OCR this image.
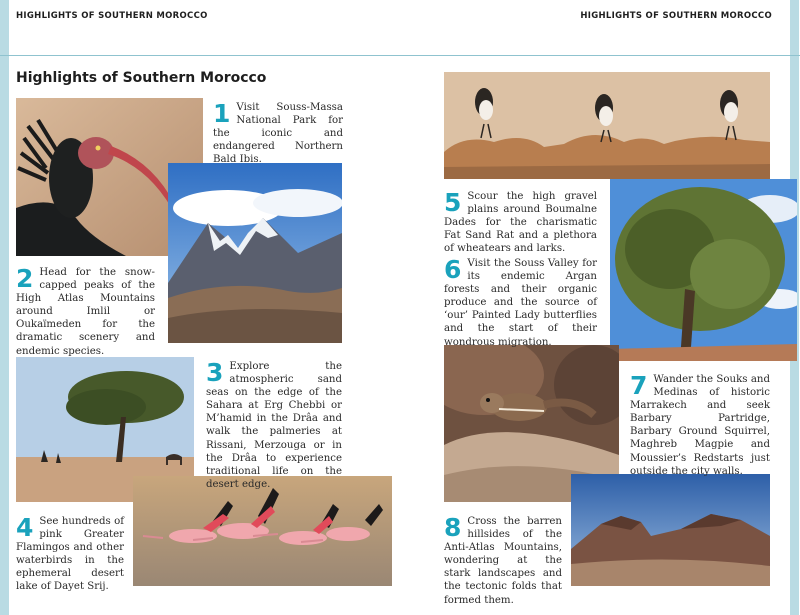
HIGHLIGHTS OF SOUTHERN MOROCCO	HIGHLIGHTS OF SOUTHERN MOROCCO
Highlights of Southern Morocco
1 Visit Souss-Massa National Park for the iconic and endangered Northern Bald Ibis.
2 Head for the snow-capped peaks of the High Atlas Mountains around Imlil or Oukaïmeden for the dramatic scenery and endemic species.
3 Explore the atmospheric sand seas on the edge of the Sahara at Erg Chebbi or M’hamid in the Drâa and walk the palmeries at Rissani, Merzouga or in the Drâa to experience traditional life on the desert edge.
4 See hundreds of pink Greater Flamingos and other waterbirds in the ephemeral desert lake of Dayet Srij.
5 Scour the high gravel plains around Boumalne Dades for the charismatic Fat Sand Rat and a plethora of wheatears and larks.
6 Visit the Souss Valley for its endemic Argan forests and their organic produce and the source of ‘our’ Painted Lady butterflies and the start of their wondrous migration.
7 Wander the Souks and Medinas of historic Marrakech and seek Barbary Partridge, Barbary Ground Squirrel, Maghreb Magpie and Moussier’s Redstarts just outside the city walls.
8 Cross the barren hillsides of the Anti-Atlas Mountains, wondering at the stark landscapes and the tectonic folds that formed them.
